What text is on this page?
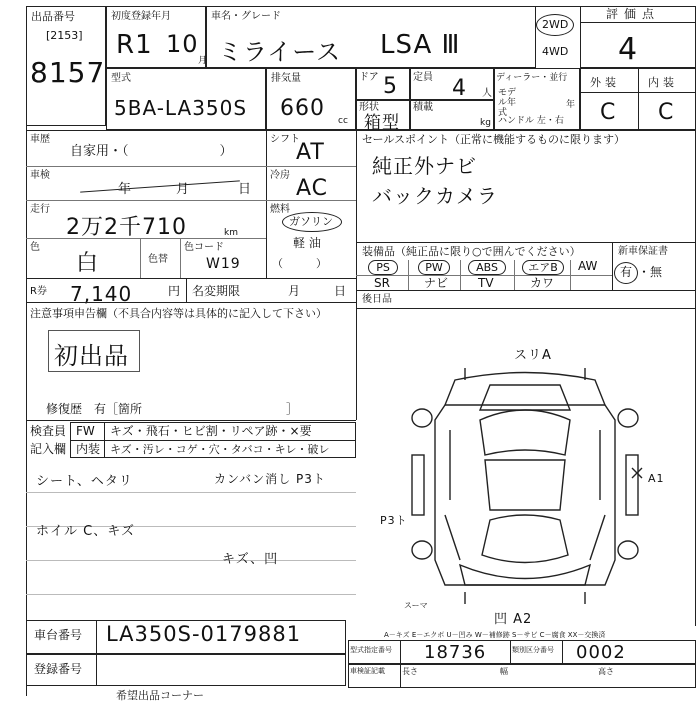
出品番号
[2153]
8157
初度登録年月
R1 10
月
車名・グレード
ミライース LSA Ⅲ
2WD
4WD
評価点
4
型式
5BA-LA350S
排気量
660 cc
ドア 5 定員 4 人
形状
箱型
積載
kg
ディーラー・並行
モデル年式
年
ハンドル 左・右
外装	内装
C C
車歴
自家用・（　　　　　　　）
シフト
AT
車検
年	月	日
冷房
AC
走行
2万2千710	km
燃料
ガソリン
軽 油
（　　　）
色
白	色替
色コード
W19
R券 7,140	円 名変期限	月	日
セールスポイント（正常に機能するものに限ります）
純正外ナビ
バックカメラ
装備品（純正品に限り○で囲んでください）	新車保証書
有 ・ 無
PS	PW	ABS	エアB	AW
SR	ナビ TV	カワ
後日品
注意事項申告欄（不具合内容等は具体的に記入して下さい）
初出品
修復歴　有［箇所　　　　　　　　　　　　］
検査員
記入欄
FW キズ・飛石・ヒビ割・リペア跡・×要
内装 キズ・汚レ・コゲ・穴・タバコ・キレ・破レ
シート、ヘタリ	カンバン消し P3ト
ホイル C、キズ
キズ、凹
スリA
A1
P3ト
凹 A2
スーマ
車台番号 LA350S-0179881
登録番号
A－キズ E－エクボ U－凹み W－補修跡 S－サビ C－腐食 XX－交換済
型式指定番号	18736	類別区分番号	0002
車検証記載 長さ	幅	高さ
希望出品コーナー
